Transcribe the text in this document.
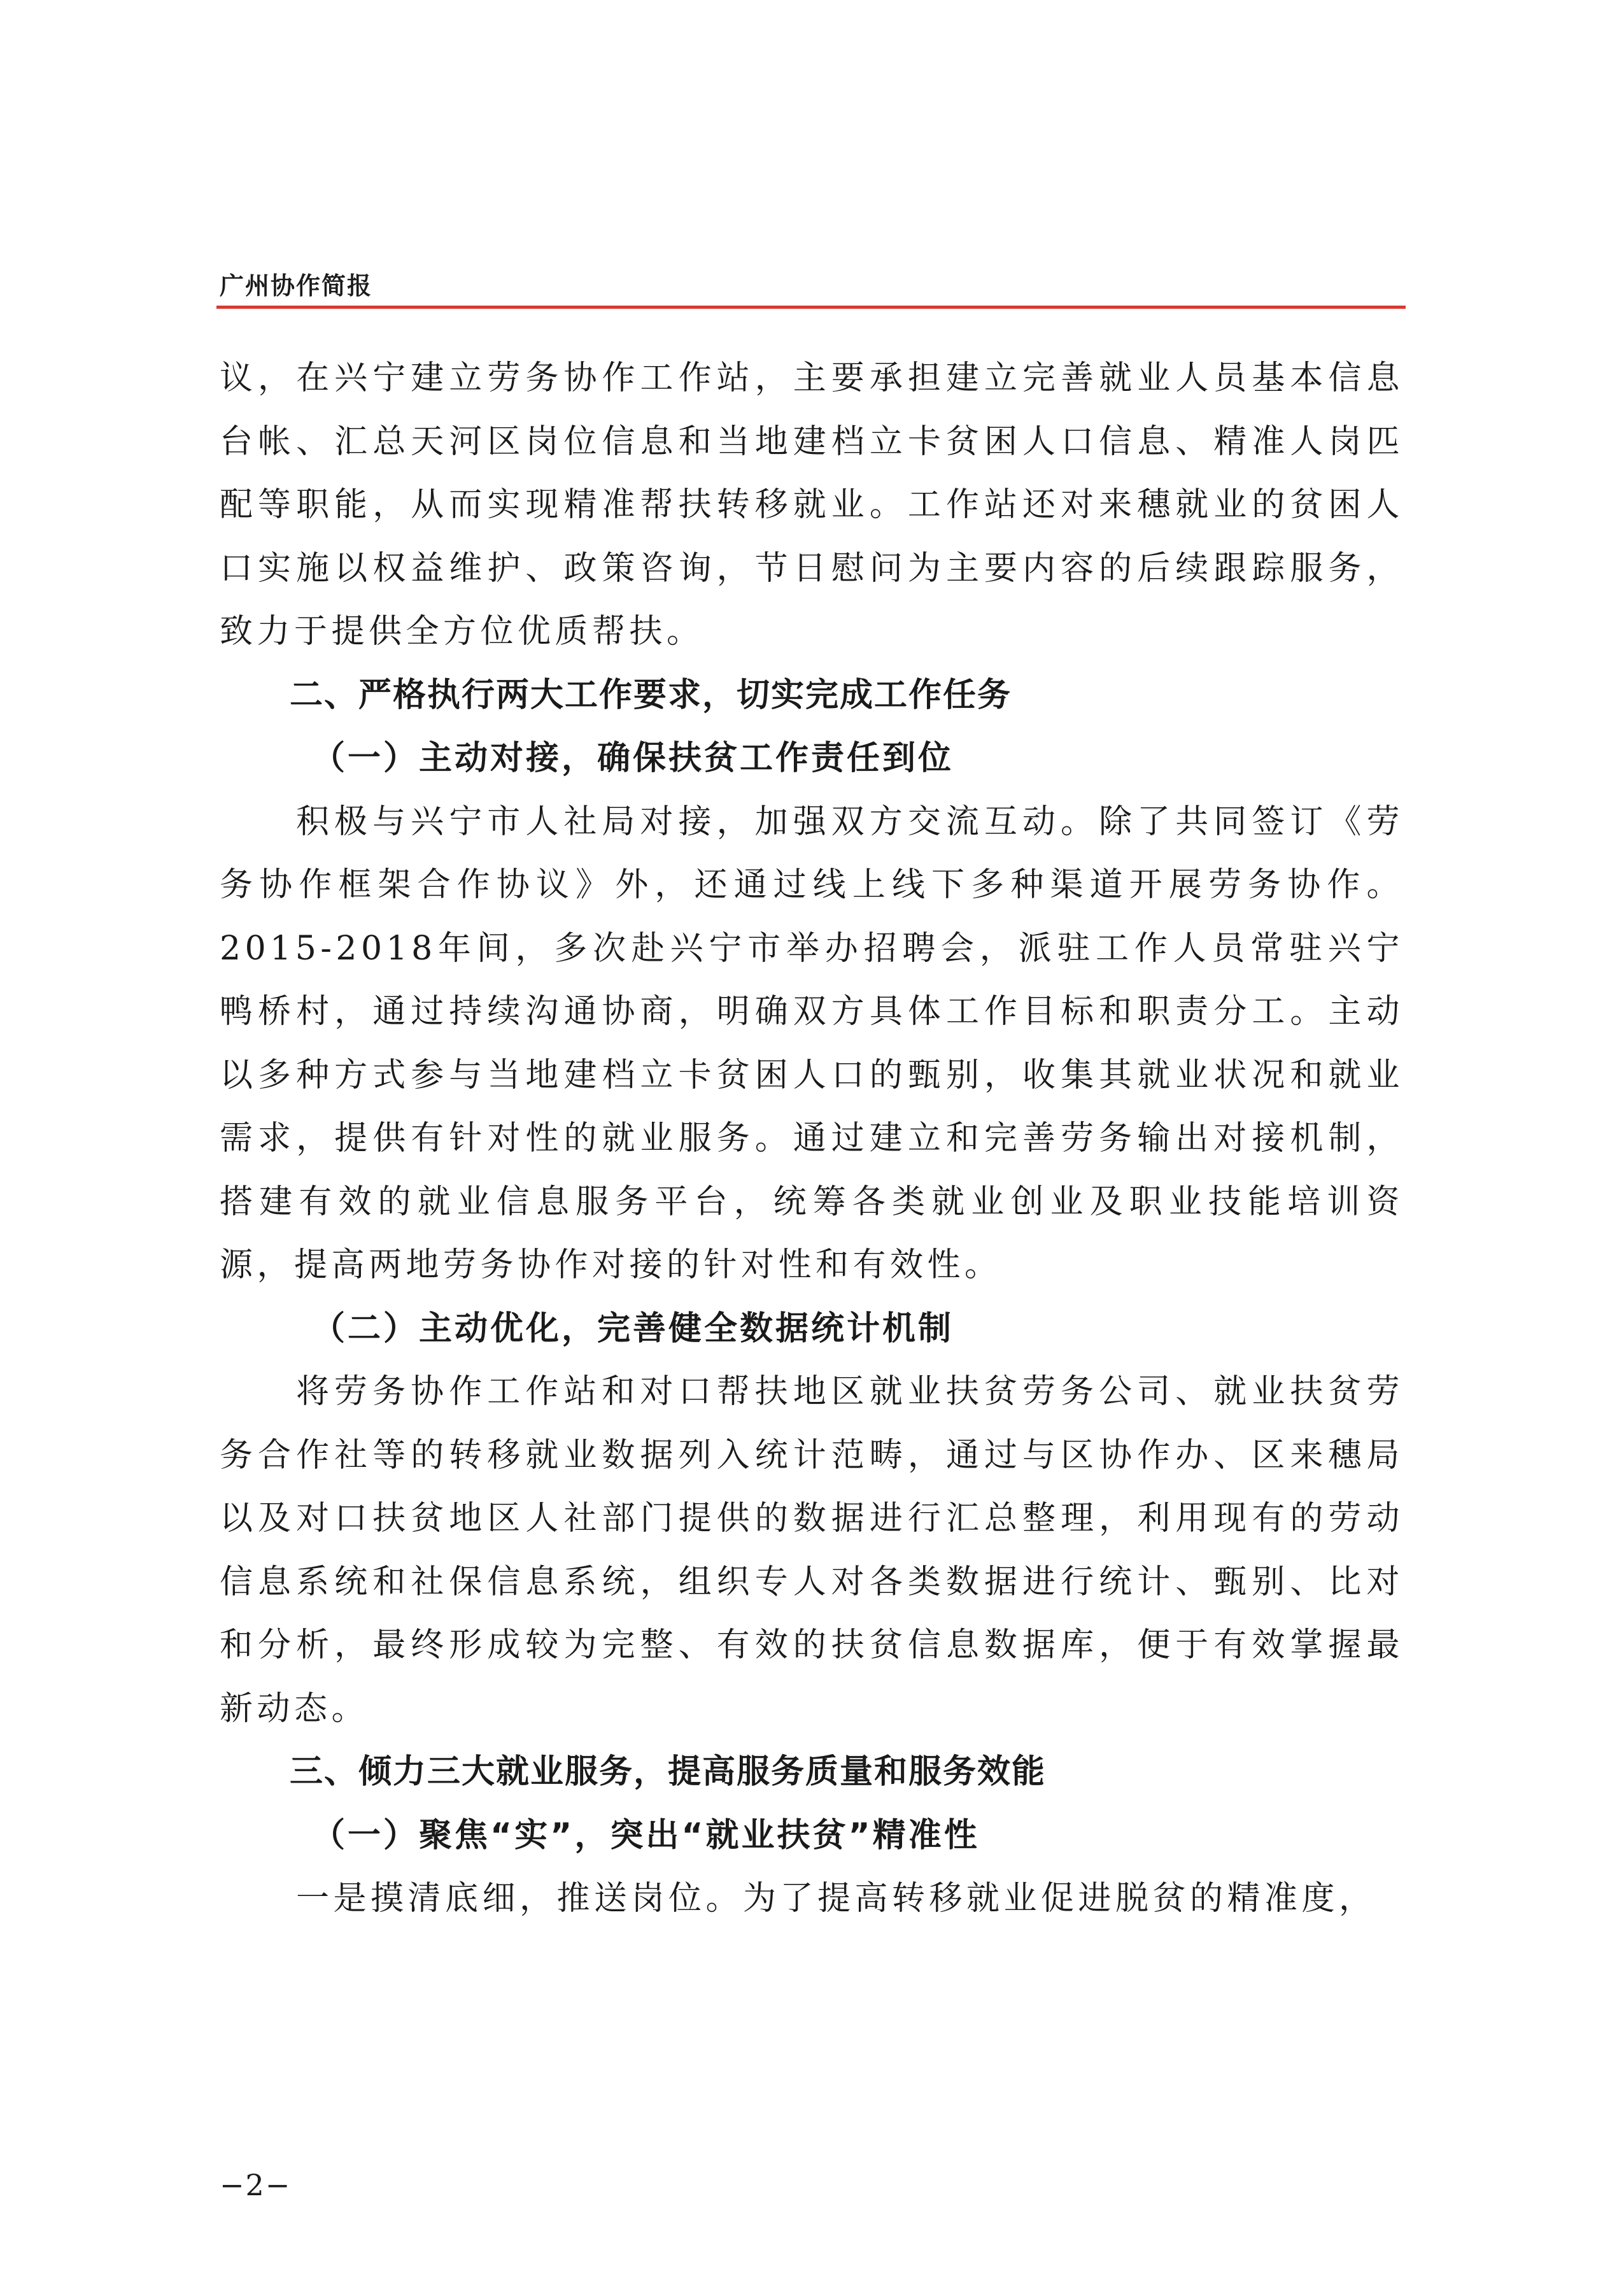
广州协作简报

议，在兴宁建立劳务协作工作站，主要承担建立完善就业人员基本信息台帐、汇总天河区岗位信息和当地建档立卡贫困人口信息、精准人岗匹配等职能，从而实现精准帮扶转移就业。工作站还对来穗就业的贫困人口实施以权益维护、政策咨询，节日慰问为主要内容的后续跟踪服务，致力于提供全方位优质帮扶。

二、严格执行两大工作要求，切实完成工作任务

（一）主动对接，确保扶贫工作责任到位

积极与兴宁市人社局对接，加强双方交流互动。除了共同签订《劳务协作框架合作协议》外，还通过线上线下多种渠道开展劳务协作。2015-2018年间，多次赴兴宁市举办招聘会，派驻工作人员常驻兴宁鸭桥村，通过持续沟通协商，明确双方具体工作目标和职责分工。主动以多种方式参与当地建档立卡贫困人口的甄别，收集其就业状况和就业需求，提供有针对性的就业服务。通过建立和完善劳务输出对接机制，搭建有效的就业信息服务平台，统筹各类就业创业及职业技能培训资源，提高两地劳务协作对接的针对性和有效性。

（二）主动优化，完善健全数据统计机制

将劳务协作工作站和对口帮扶地区就业扶贫劳务公司、就业扶贫劳务合作社等的转移就业数据列入统计范畴，通过与区协作办、区来穗局以及对口扶贫地区人社部门提供的数据进行汇总整理，利用现有的劳动信息系统和社保信息系统，组织专人对各类数据进行统计、甄别、比对和分析，最终形成较为完整、有效的扶贫信息数据库，便于有效掌握最新动态。

三、倾力三大就业服务，提高服务质量和服务效能

（一）聚焦“实”，突出“就业扶贫”精准性

一是摸清底细，推送岗位。为了提高转移就业促进脱贫的精准度，

−2−
